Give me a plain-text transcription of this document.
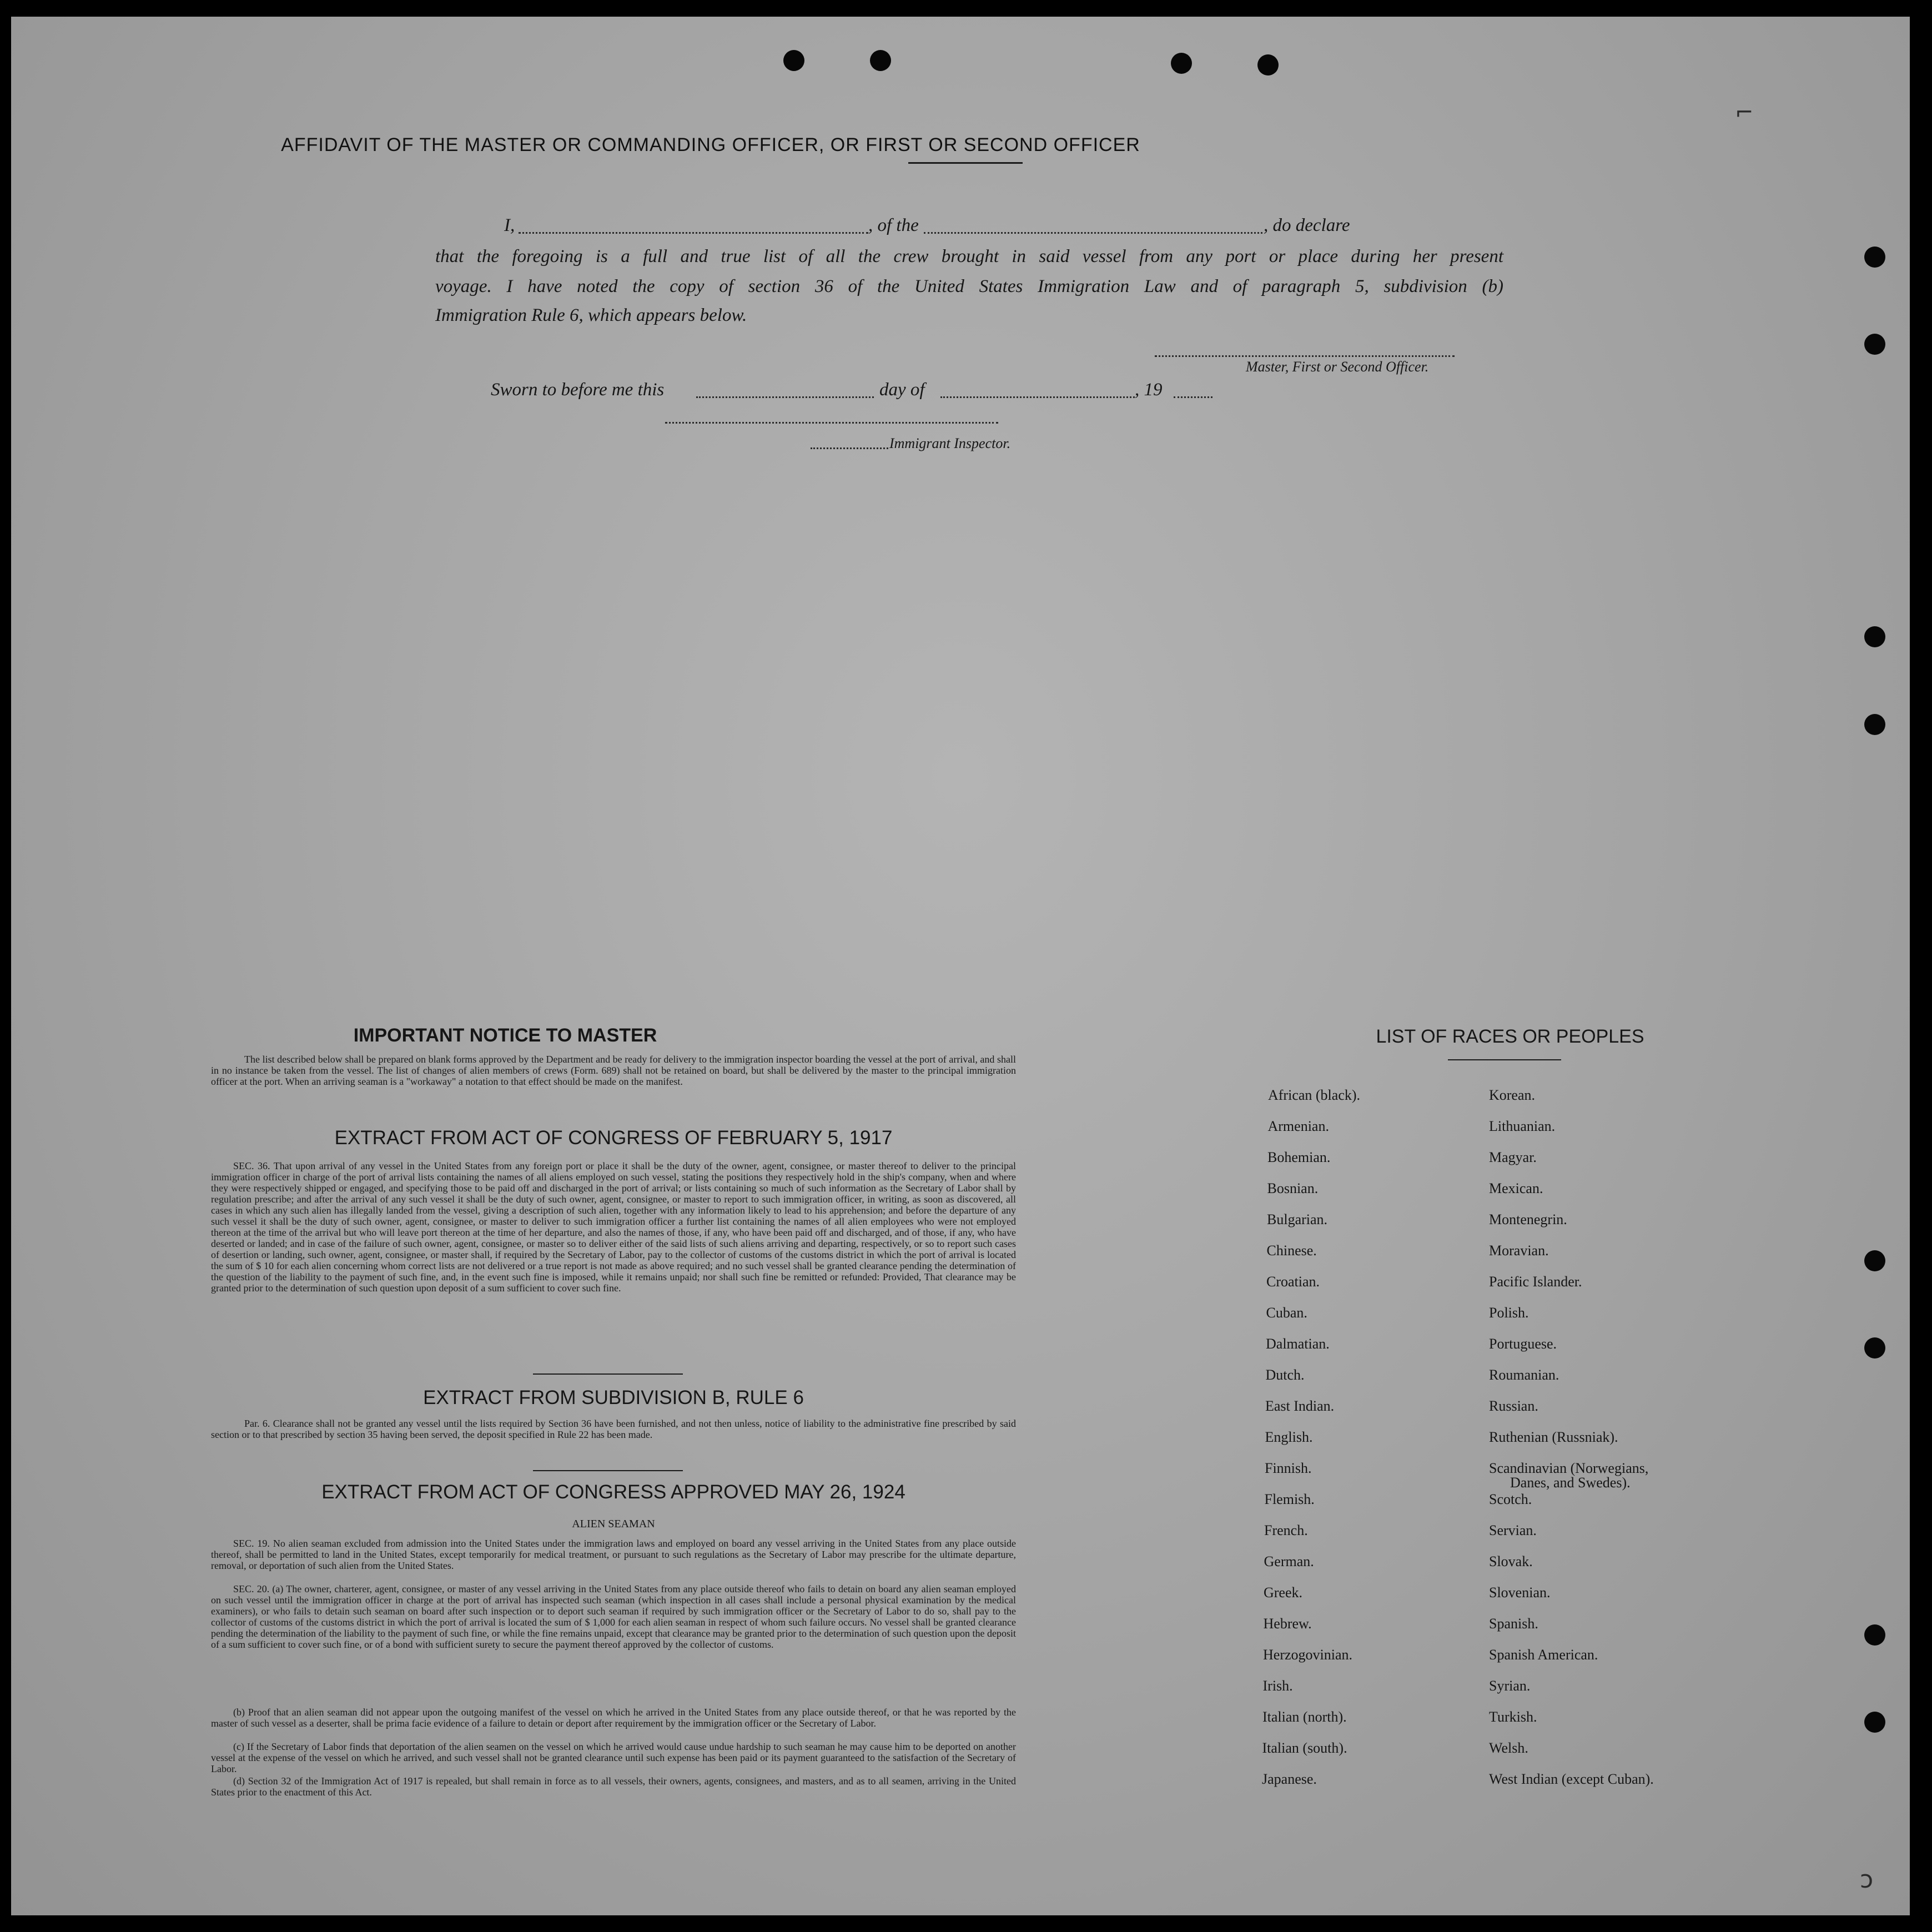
⌐
ɔ
AFFIDAVIT OF THE MASTER OR COMMANDING OFFICER, OR FIRST OR SECOND OFFICER
I,	, of the	, do declare
that the foregoing is a full and true list of all the crew brought in said vessel from any port or place during her present
voyage. I have noted the copy of section 36 of the United States Immigration Law and of paragraph 5, subdivision (b)
Immigration Rule 6, which appears below.
Master, First or Second Officer.
Sworn to before me this	day of	, 19
Immigrant Inspector.
IMPORTANT NOTICE TO MASTER
The list described below shall be prepared on blank forms approved by the Department and be ready for delivery to the immigration inspector boarding the vessel at the port of arrival, and shall in no instance be taken from the vessel. The list of changes of alien members of crews (Form. 689) shall not be retained on board, but shall be delivered by the master to the principal immigration officer at the port. When an arriving seaman is a "workaway" a notation to that effect should be made on the manifest.
EXTRACT FROM ACT OF CONGRESS OF FEBRUARY 5, 1917
SEC. 36. That upon arrival of any vessel in the United States from any foreign port or place it shall be the duty of the owner, agent, consignee, or master thereof to deliver to the principal immigration officer in charge of the port of arrival lists containing the names of all aliens employed on such vessel, stating the positions they respectively hold in the ship's company, when and where they were respectively shipped or engaged, and specifying those to be paid off and discharged in the port of arrival; or lists containing so much of such information as the Secretary of Labor shall by regulation prescribe; and after the arrival of any such vessel it shall be the duty of such owner, agent, consignee, or master to report to such immigration officer, in writing, as soon as discovered, all cases in which any such alien has illegally landed from the vessel, giving a description of such alien, together with any information likely to lead to his apprehension; and before the departure of any such vessel it shall be the duty of such owner, agent, consignee, or master to deliver to such immigration officer a further list containing the names of all alien employees who were not employed thereon at the time of the arrival but who will leave port thereon at the time of her departure, and also the names of those, if any, who have been paid off and discharged, and of those, if any, who have deserted or landed; and in case of the failure of such owner, agent, consignee, or master so to deliver either of the said lists of such aliens arriving and departing, respectively, or so to report such cases of desertion or landing, such owner, agent, consignee, or master shall, if required by the Secretary of Labor, pay to the collector of customs of the customs district in which the port of arrival is located the sum of $ 10 for each alien concerning whom correct lists are not delivered or a true report is not made as above required; and no such vessel shall be granted clearance pending the determination of the question of the liability to the payment of such fine, and, in the event such fine is imposed, while it remains unpaid; nor shall such fine be remitted or refunded: Provided, That clearance may be granted prior to the determination of such question upon deposit of a sum sufficient to cover such fine.
EXTRACT FROM SUBDIVISION B, RULE 6
Par. 6. Clearance shall not be granted any vessel until the lists required by Section 36 have been furnished, and not then unless, notice of liability to the administrative fine prescribed by said section or to that prescribed by section 35 having been served, the deposit specified in Rule 22 has been made.
EXTRACT FROM ACT OF CONGRESS APPROVED MAY 26, 1924
ALIEN SEAMAN
SEC. 19. No alien seaman excluded from admission into the United States under the immigration laws and employed on board any vessel arriving in the United States from any place outside thereof, shall be permitted to land in the United States, except temporarily for medical treatment, or pursuant to such regulations as the Secretary of Labor may prescribe for the ultimate departure, removal, or deportation of such alien from the United States.
SEC. 20. (a) The owner, charterer, agent, consignee, or master of any vessel arriving in the United States from any place outside thereof who fails to detain on board any alien seaman employed on such vessel until the immigration officer in charge at the port of arrival has inspected such seaman (which inspection in all cases shall include a personal physical examination by the medical examiners), or who fails to detain such seaman on board after such inspection or to deport such seaman if required by such immigration officer or the Secretary of Labor to do so, shall pay to the collector of customs of the customs district in which the port of arrival is located the sum of $ 1,000 for each alien seaman in respect of whom such failure occurs. No vessel shall be granted clearance pending the determination of the liability to the payment of such fine, or while the fine remains unpaid, except that clearance may be granted prior to the determination of such question upon the deposit of a sum sufficient to cover such fine, or of a bond with sufficient surety to secure the payment thereof approved by the collector of customs.
(b) Proof that an alien seaman did not appear upon the outgoing manifest of the vessel on which he arrived in the United States from any place outside thereof, or that he was reported by the master of such vessel as a deserter, shall be prima facie evidence of a failure to detain or deport after requirement by the immigration officer or the Secretary of Labor.
(c) If the Secretary of Labor finds that deportation of the alien seamen on the vessel on which he arrived would cause undue hardship to such seaman he may cause him to be deported on another vessel at the expense of the vessel on which he arrived, and such vessel shall not be granted clearance until such expense has been paid or its payment guaranteed to the satisfaction of the Secretary of Labor.
(d) Section 32 of the Immigration Act of 1917 is repealed, but shall remain in force as to all vessels, their owners, agents, consignees, and masters, and as to all seamen, arriving in the United States prior to the enactment of this Act.
LIST OF RACES OR PEOPLES
African (black).
Armenian.
Bohemian.
Bosnian.
Bulgarian.
Chinese.
Croatian.
Cuban.
Dalmatian.
Dutch.
East Indian.
English.
Finnish.
Flemish.
French.
German.
Greek.
Hebrew.
Herzogovinian.
Irish.
Italian (north).
Italian (south).
Japanese.
Korean.
Lithuanian.
Magyar.
Mexican.
Montenegrin.
Moravian.
Pacific Islander.
Polish.
Portuguese.
Roumanian.
Russian.
Ruthenian (Russniak).
Scandinavian (Norwegians,
Danes, and Swedes).
Scotch.
Servian.
Slovak.
Slovenian.
Spanish.
Spanish American.
Syrian.
Turkish.
Welsh.
West Indian (except Cuban).
